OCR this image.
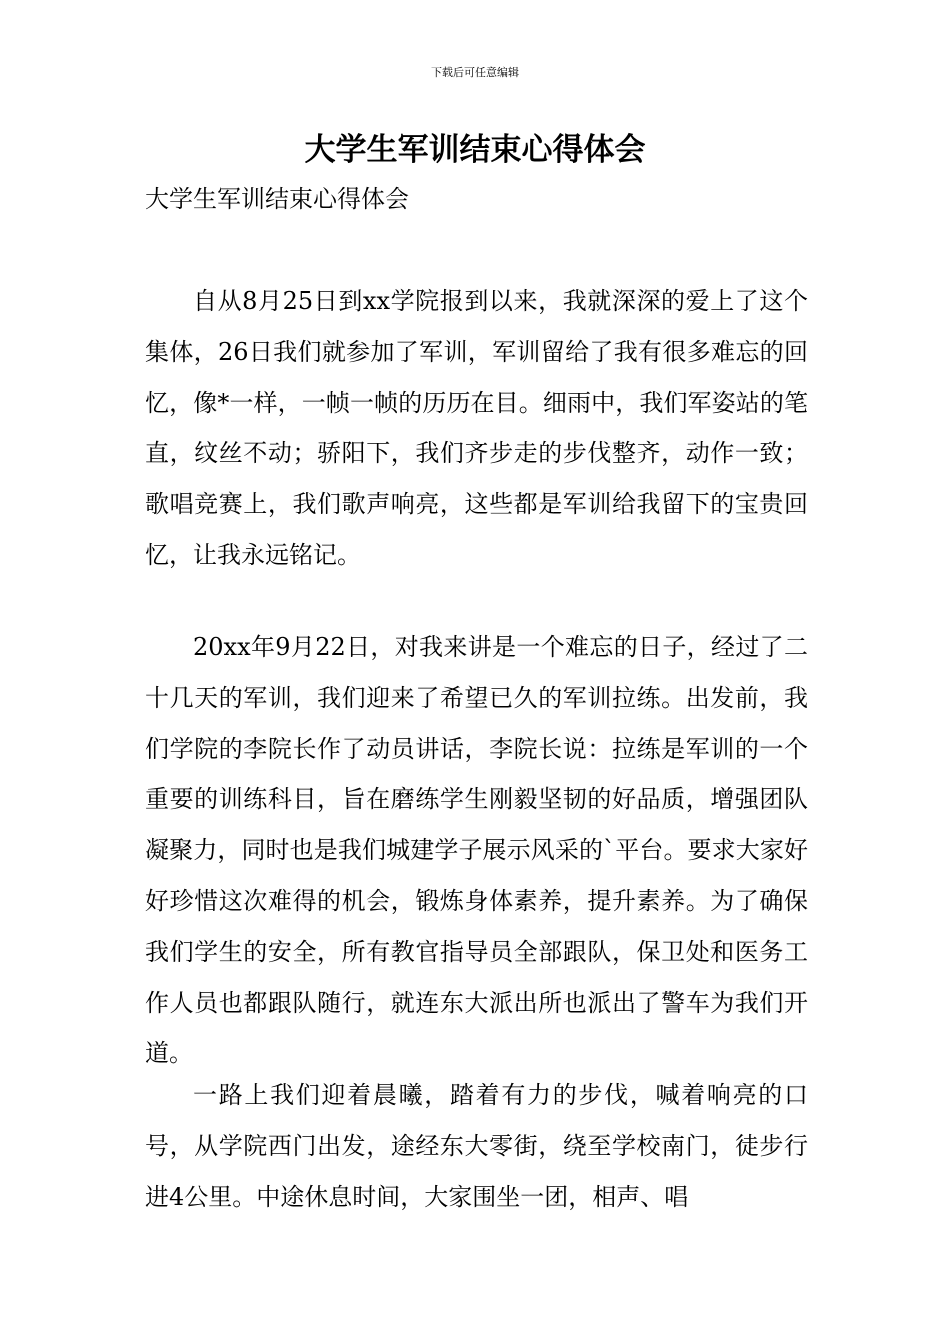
下载后可任意编辑
大学生军训结束心得体会

大学生军训结束心得体会

自从8月25日到xx学院报到以来，我就深深的爱上了这个集体，26日我们就参加了军训，军训留给了我有很多难忘的回忆，像*一样，一帧一帧的历历在目。细雨中，我们军姿站的笔直，纹丝不动；骄阳下，我们齐步走的步伐整齐，动作一致；歌唱竞赛上，我们歌声响亮，这些都是军训给我留下的宝贵回忆，让我永远铭记。

20xx年9月22日，对我来讲是一个难忘的日子，经过了二十几天的军训，我们迎来了希望已久的军训拉练。出发前，我们学院的李院长作了动员讲话，李院长说：拉练是军训的一个重要的训练科目，旨在磨练学生刚毅坚韧的好品质，增强团队凝聚力，同时也是我们城建学子展示风采的`平台。要求大家好好珍惜这次难得的机会，锻炼身体素养，提升素养。为了确保我们学生的安全，所有教官指导员全部跟队，保卫处和医务工作人员也都跟队随行，就连东大派出所也派出了警车为我们开道。

一路上我们迎着晨曦，踏着有力的步伐，喊着响亮的口号，从学院西门出发，途经东大零街，绕至学校南门，徒步行进4公里。中途休息时间，大家围坐一团，相声、唱
